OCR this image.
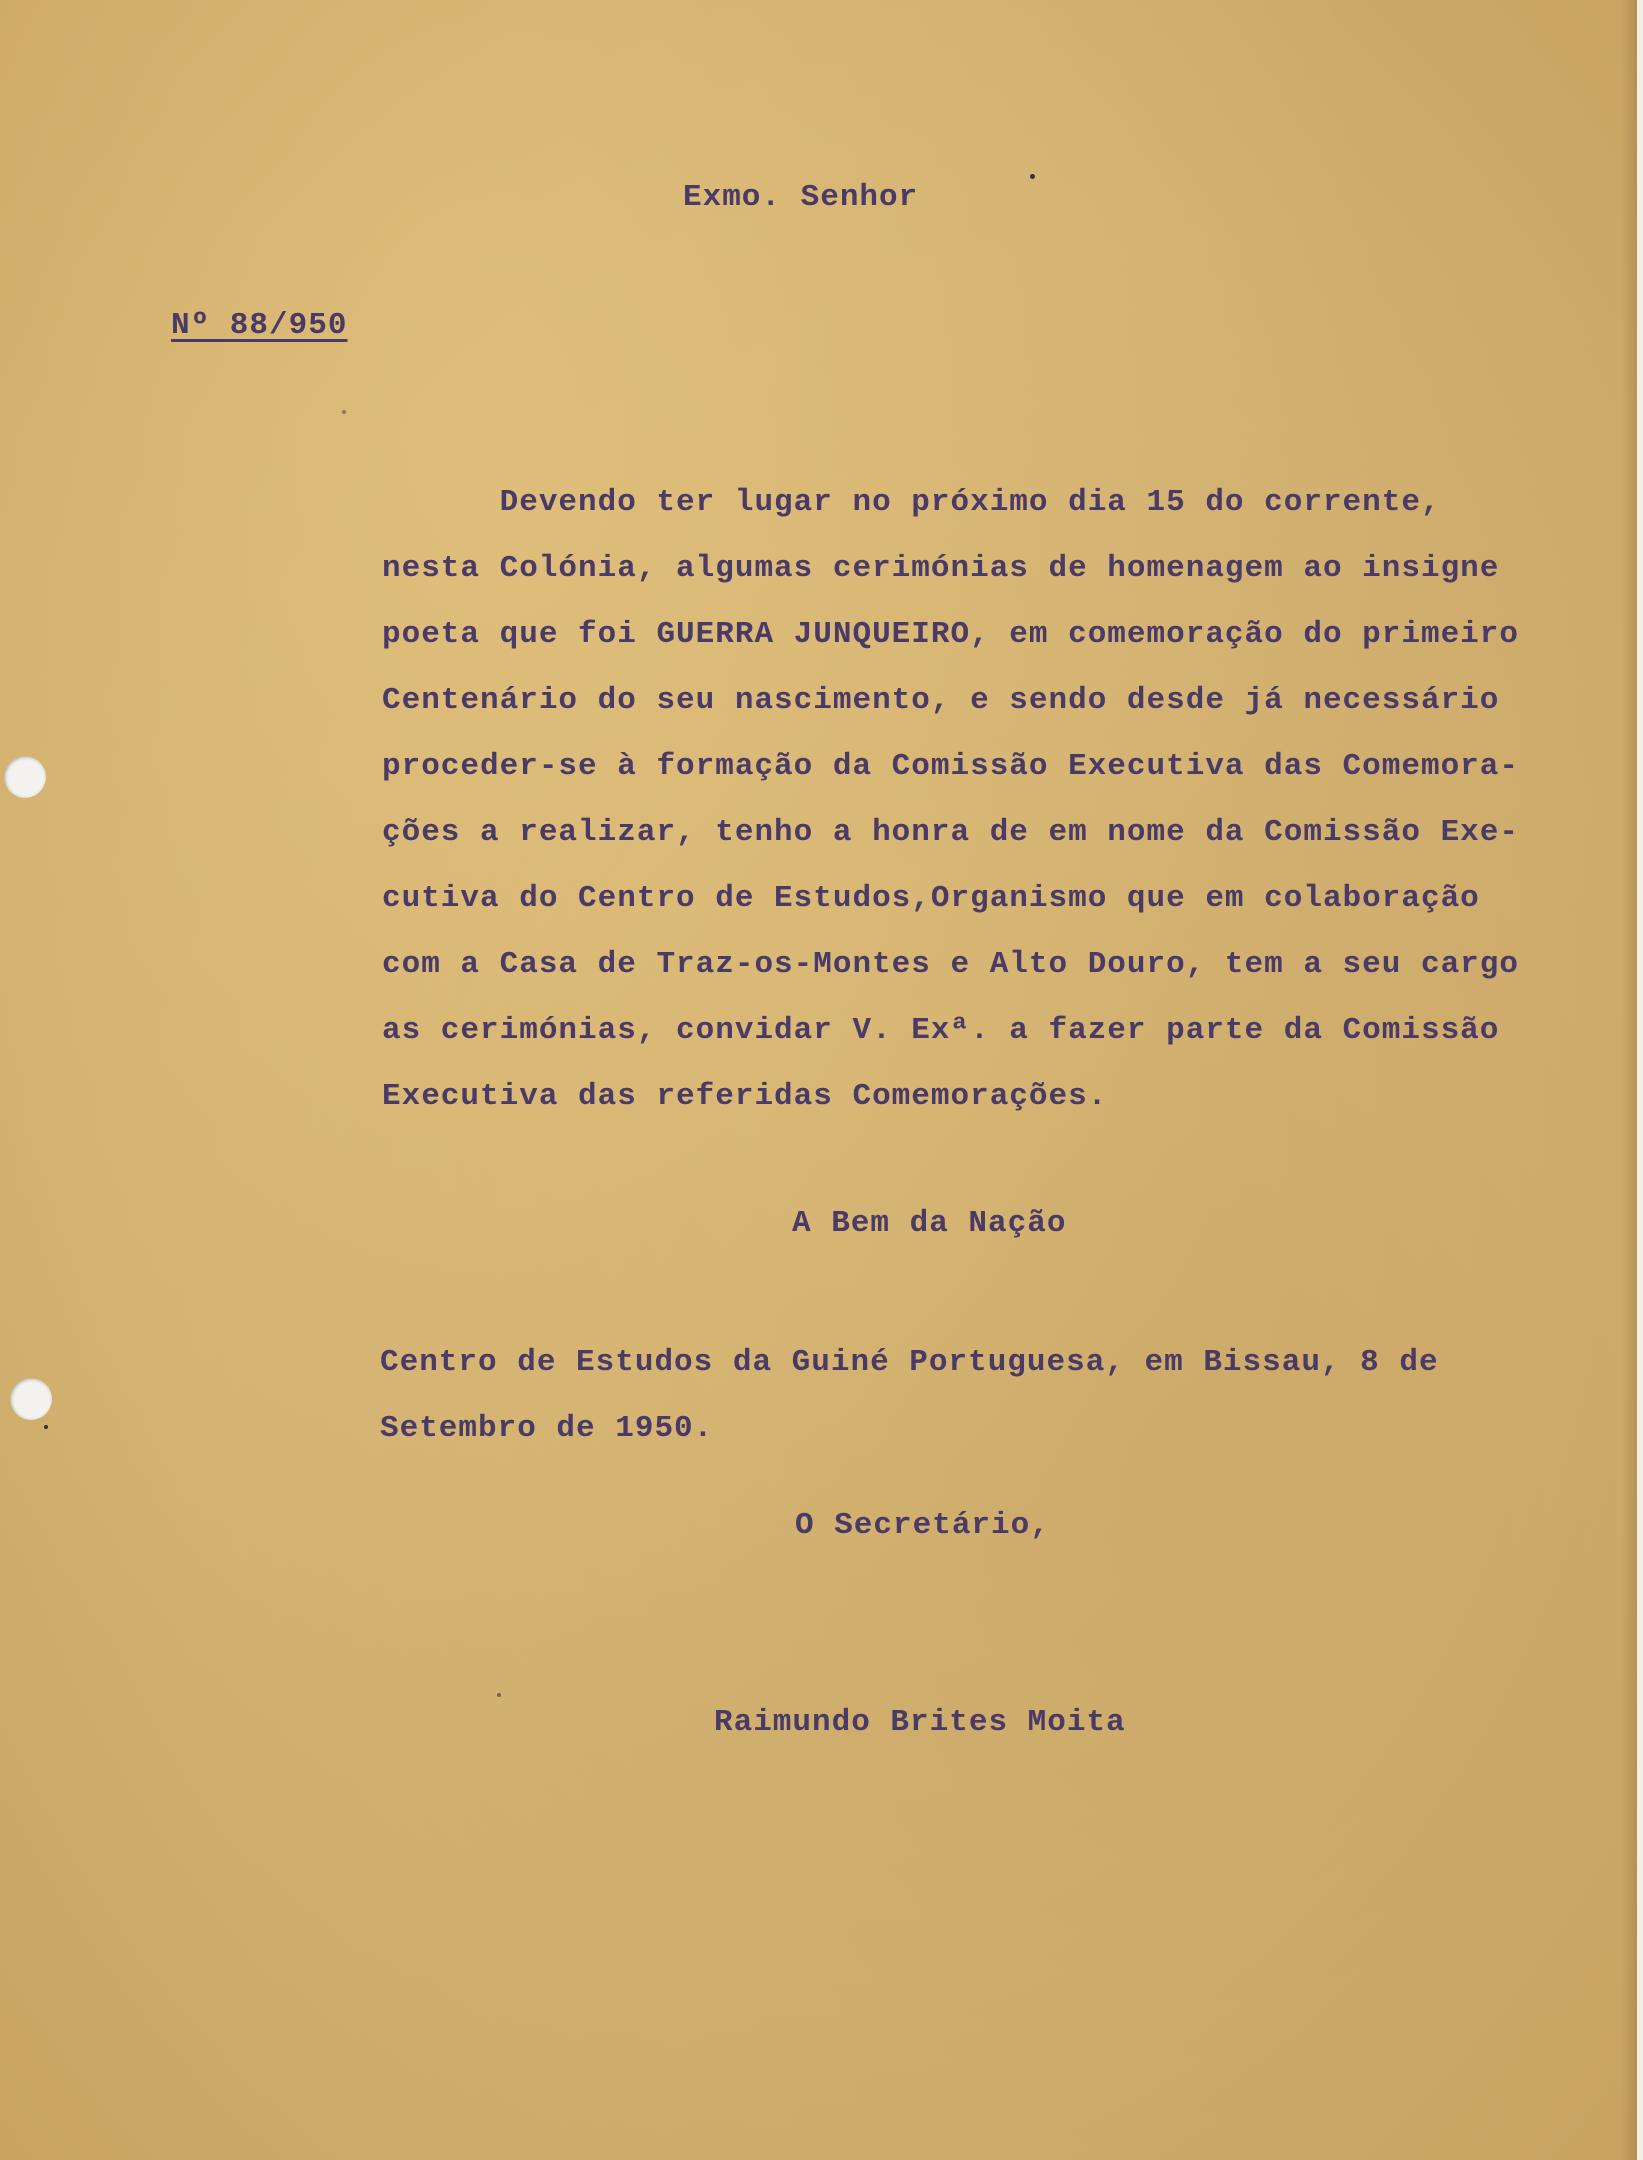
Exmo. Senhor
Nº 88/950
Devendo ter lugar no próximo dia 15 do corrente,
nesta Colónia, algumas cerimónias de homenagem ao insigne
poeta que foi GUERRA JUNQUEIRO, em comemoração do primeiro
Centenário do seu nascimento, e sendo desde já necessário
proceder-se à formação da Comissão Executiva das Comemora-
ções a realizar, tenho a honra de em nome da Comissão Exe-
cutiva do Centro de Estudos,Organismo que em colaboração
com a Casa de Traz-os-Montes e Alto Douro, tem a seu cargo
as cerimónias, convidar V. Exª. a fazer parte da Comissão
Executiva das referidas Comemorações.
A Bem da Nação
Centro de Estudos da Guiné Portuguesa, em Bissau, 8 de
Setembro de 1950.
O Secretário,
Raimundo Brites Moita
